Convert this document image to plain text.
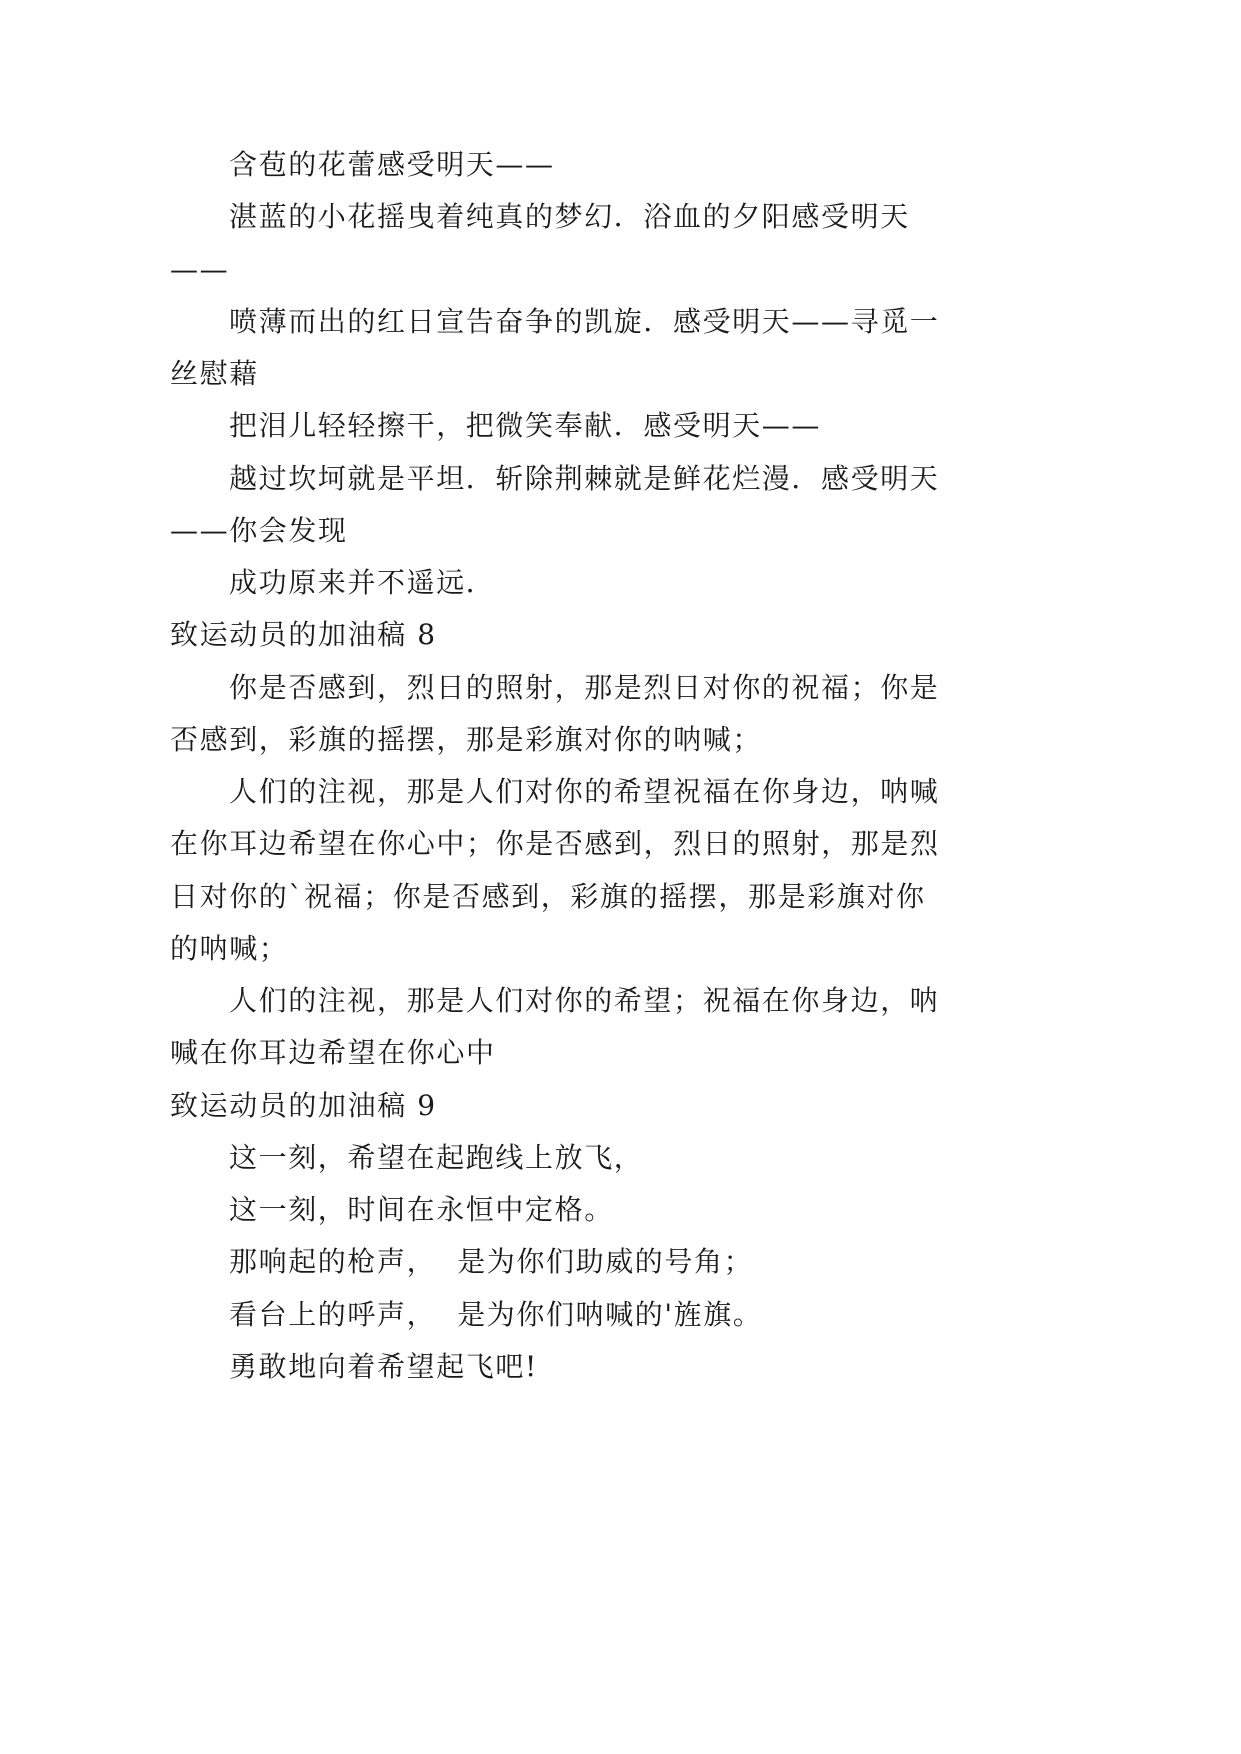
含苞的花蕾感受明天——
湛蓝的小花摇曳着纯真的梦幻．浴血的夕阳感受明天
——
喷薄而出的红日宣告奋争的凯旋．感受明天——寻觅一
丝慰藉
把泪儿轻轻擦干，把微笑奉献．感受明天——
越过坎坷就是平坦．斩除荆棘就是鲜花烂漫．感受明天
——你会发现
成功原来并不遥远．
致运动员的加油稿 8
你是否感到，烈日的照射，那是烈日对你的祝福；你是
否感到，彩旗的摇摆，那是彩旗对你的呐喊；
人们的注视，那是人们对你的希望祝福在你身边，呐喊
在你耳边希望在你心中；你是否感到，烈日的照射，那是烈
日对你的`祝福；你是否感到，彩旗的摇摆，那是彩旗对你
的呐喊；
人们的注视，那是人们对你的希望；祝福在你身边，呐
喊在你耳边希望在你心中
致运动员的加油稿 9
这一刻，希望在起跑线上放飞，
这一刻，时间在永恒中定格。
那响起的枪声，  是为你们助威的号角；
看台上的呼声，  是为你们呐喊的'旌旗。
勇敢地向着希望起飞吧!
